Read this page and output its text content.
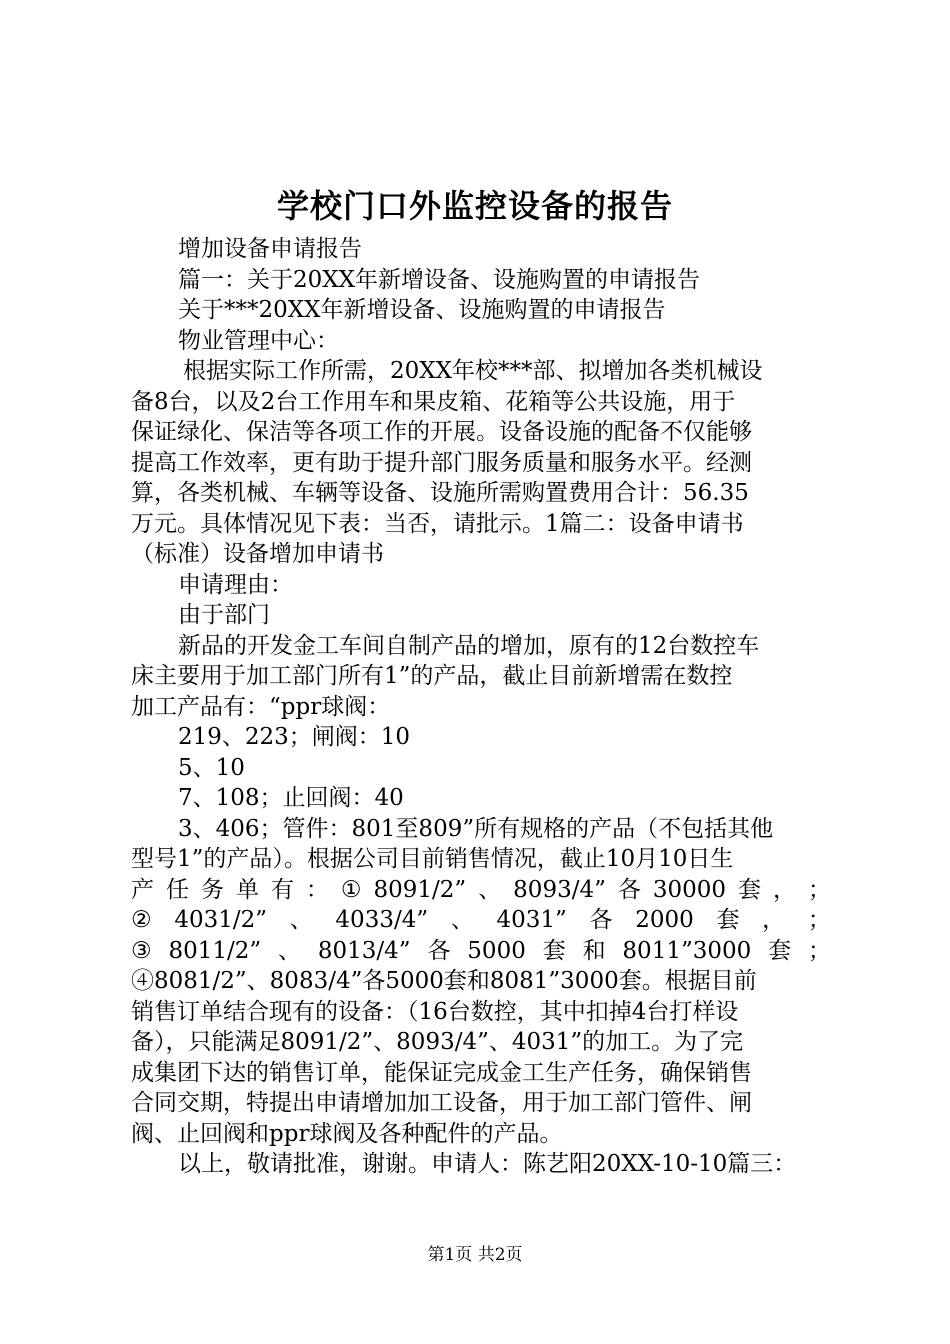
学校门口外监控设备的报告
增加设备申请报告
篇一：关于20XX年新增设备、设施购置的申请报告
关于***20XX年新增设备、设施购置的申请报告
物业管理中心：
根据实际工作所需，20XX年校***部、拟增加各类机械设
备8台，以及2台工作用车和果皮箱、花箱等公共设施，用于
保证绿化、保洁等各项工作的开展。设备设施的配备不仅能够
提高工作效率，更有助于提升部门服务质量和服务水平。经测
算，各类机械、车辆等设备、设施所需购置费用合计：56.35
万元。具体情况见下表：当否，请批示。1篇二：设备申请书
（标准）设备增加申请书
申请理由：
由于部门
新品的开发金工车间自制产品的增加，原有的12台数控车
床主要用于加工部门所有1”的产品，截止目前新增需在数控
加工产品有：“ppr球阀：
219、223；闸阀：10
5、10
7、108；止回阀：40
3、406；管件：801至809”所有规格的产品（不包括其他
型号1”的产品）。根据公司目前销售情况，截止10月10日生
产 任 务 单 有 ： ① 8091/2” 、 8093/4” 各 30000 套 ， ；
② 4031/2” 、 4033/4” 、 4031” 各 2000 套 ， ；
③ 8011/2” 、 8013/4” 各 5000 套 和 8011”3000 套 ；
④8081/2”、8083/4”各5000套和8081”3000套。根据目前
销售订单结合现有的设备：（16台数控，其中扣掉4台打样设
备），只能满足8091/2”、8093/4”、4031”的加工。为了完
成集团下达的销售订单，能保证完成金工生产任务，确保销售
合同交期，特提出申请增加加工设备，用于加工部门管件、闸
阀、止回阀和ppr球阀及各种配件的产品。
以上，敬请批准，谢谢。申请人：陈艺阳20XX-10-10篇三：
第1页 共2页
